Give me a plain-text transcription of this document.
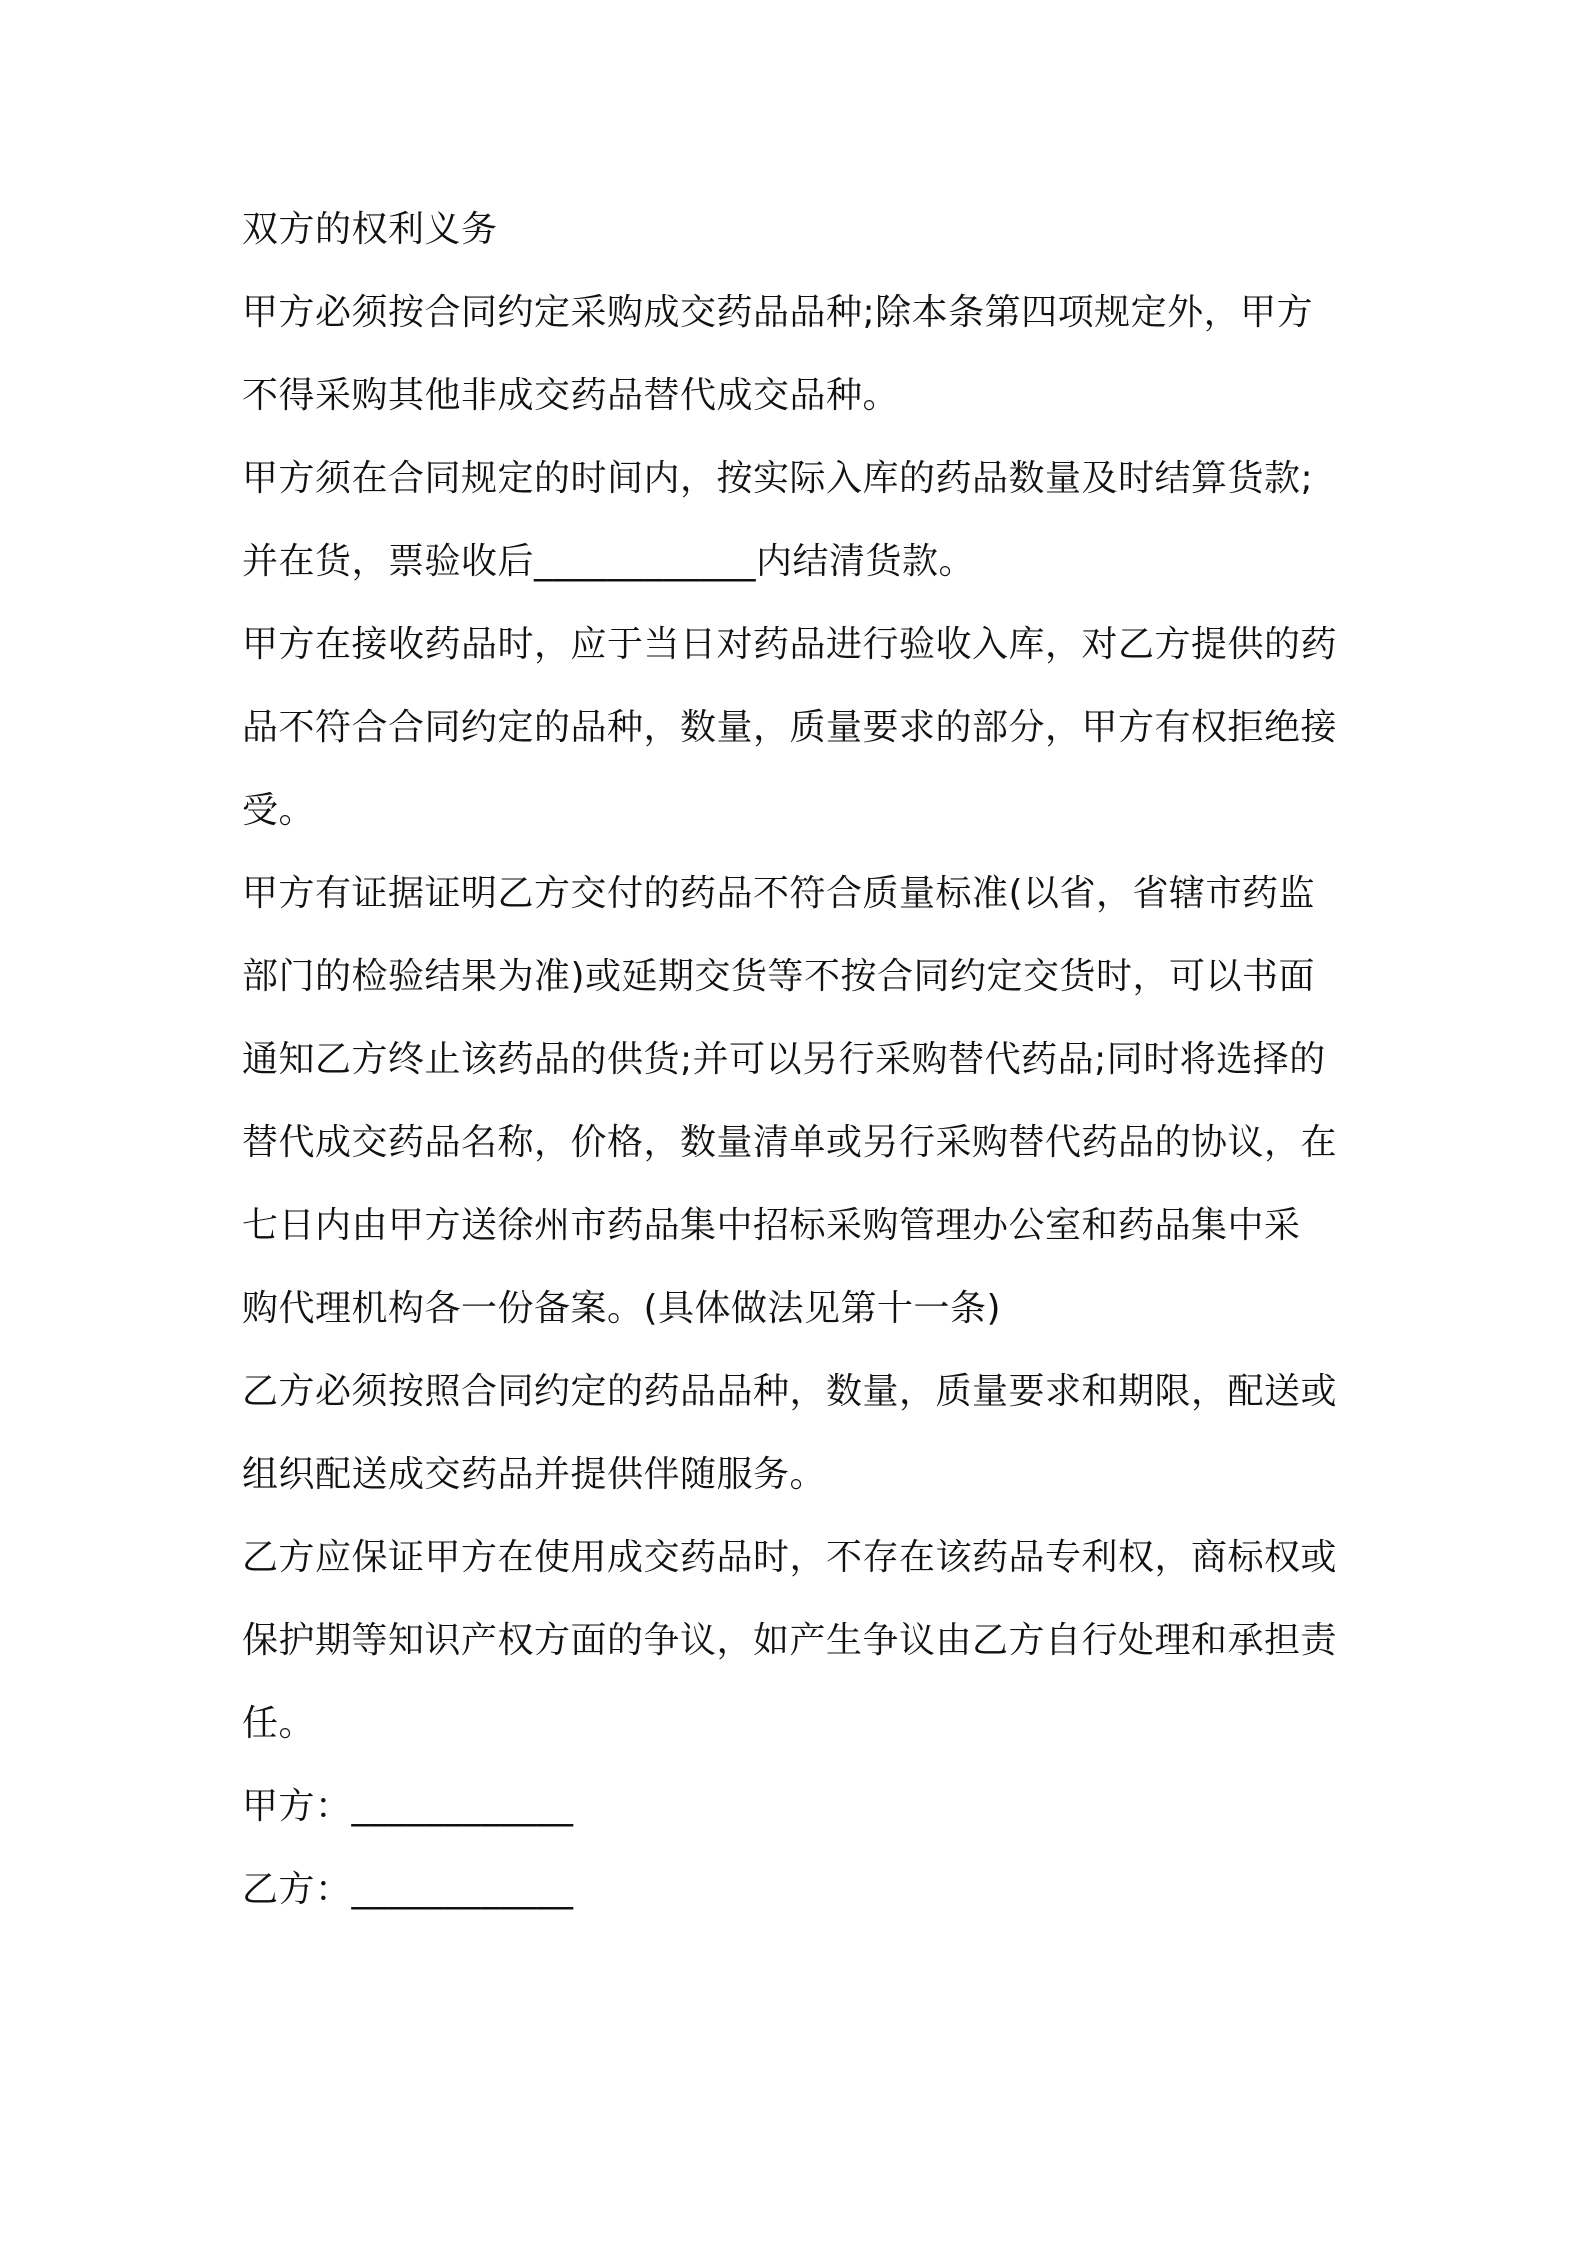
双方的权利义务
甲方必须按合同约定采购成交药品品种;除本条第四项规定外，甲方
不得采购其他非成交药品替代成交品种。
甲方须在合同规定的时间内，按实际入库的药品数量及时结算货款;
并在货，票验收后____________内结清货款。
甲方在接收药品时，应于当日对药品进行验收入库，对乙方提供的药
品不符合合同约定的品种，数量，质量要求的部分，甲方有权拒绝接
受。
甲方有证据证明乙方交付的药品不符合质量标准(以省，省辖市药监
部门的检验结果为准)或延期交货等不按合同约定交货时，可以书面
通知乙方终止该药品的供货;并可以另行采购替代药品;同时将选择的
替代成交药品名称，价格，数量清单或另行采购替代药品的协议，在
七日内由甲方送徐州市药品集中招标采购管理办公室和药品集中采
购代理机构各一份备案。(具体做法见第十一条)
乙方必须按照合同约定的药品品种，数量，质量要求和期限，配送或
组织配送成交药品并提供伴随服务。
乙方应保证甲方在使用成交药品时，不存在该药品专利权，商标权或
保护期等知识产权方面的争议，如产生争议由乙方自行处理和承担责
任。
甲方：____________
乙方：____________
